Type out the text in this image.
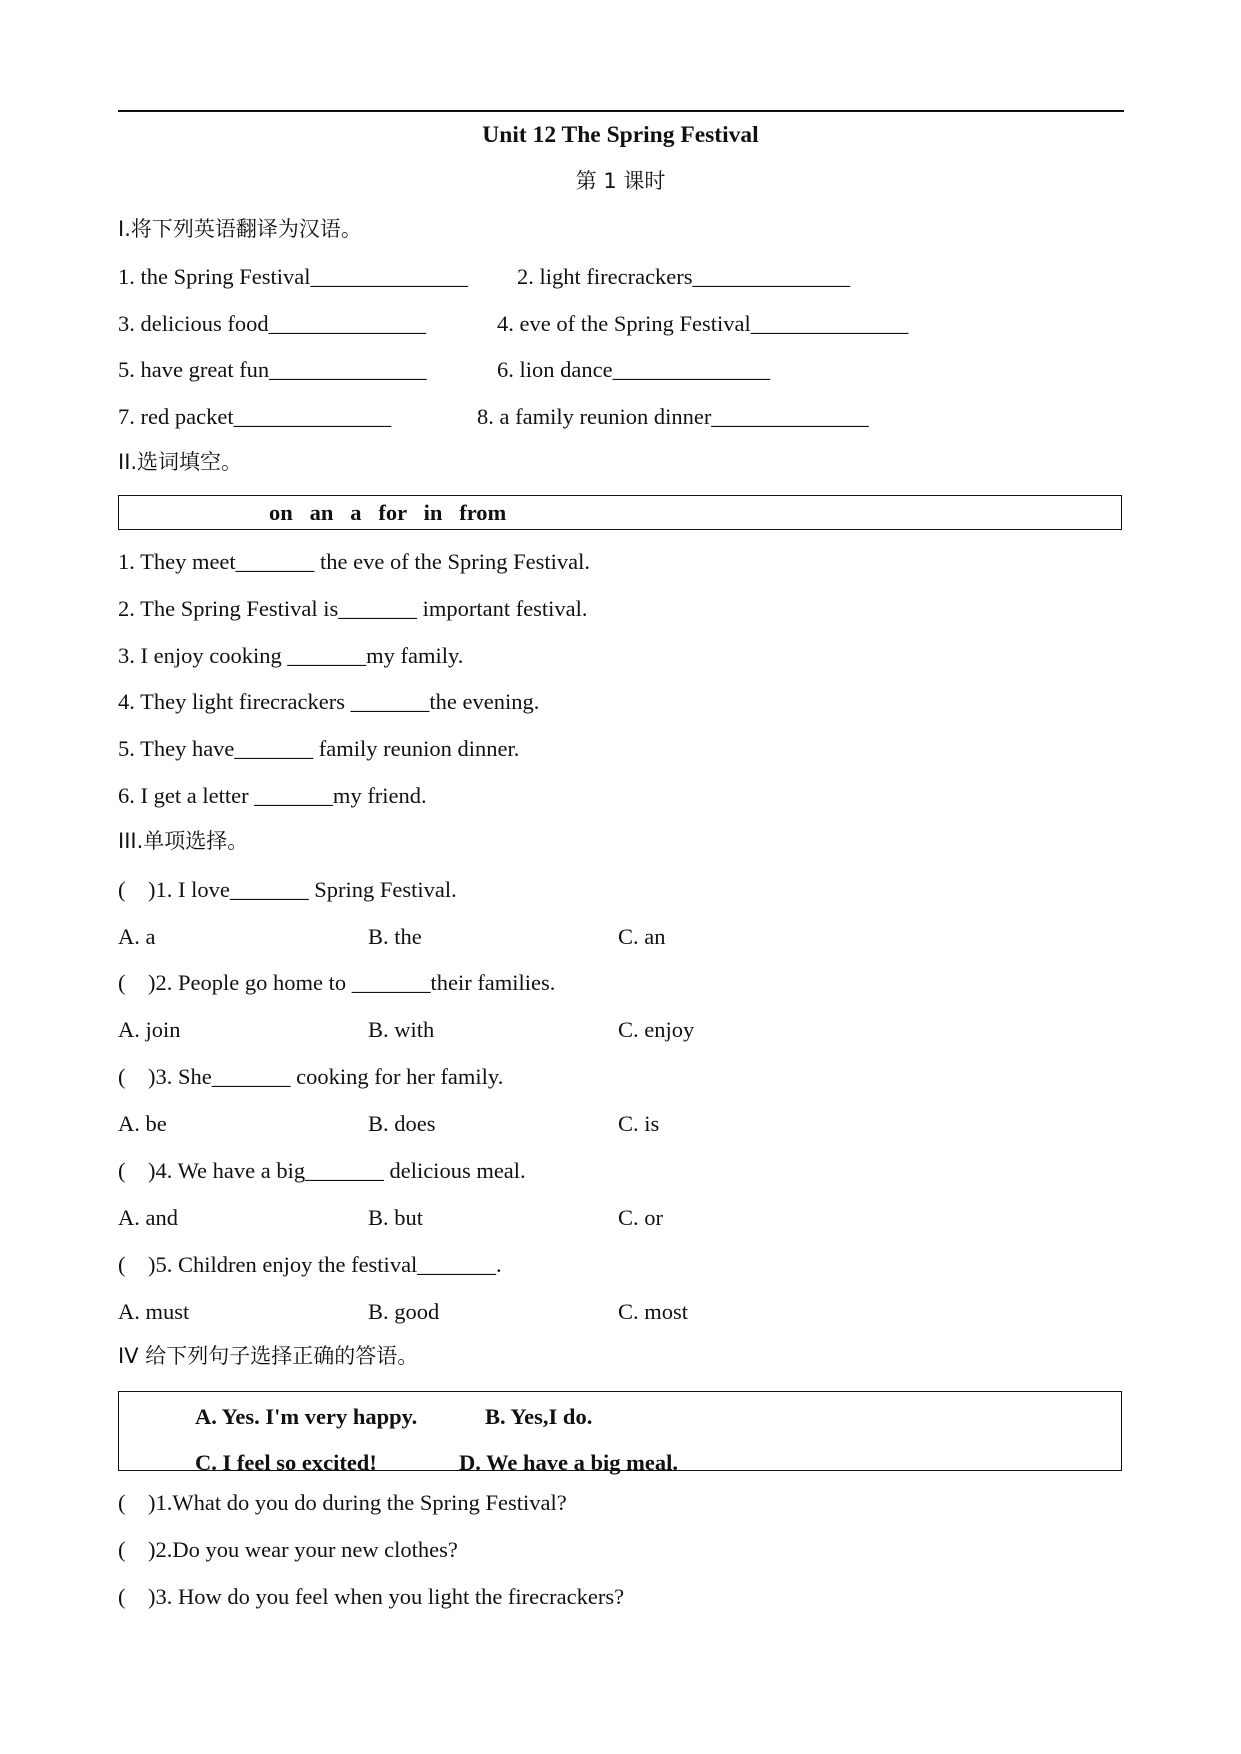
Unit 12 The Spring Festival
第 1 课时
I.将下列英语翻译为汉语。
1. the Spring Festival______________ 2. light firecrackers______________
3. delicious food______________	4. eve of the Spring Festival______________
5. have great fun______________	6. lion dance______________
7. red packet______________	8. a family reunion dinner______________
II.选词填空。
on   an   a   for   in   from
1. They meet_______ the eve of the Spring Festival.
2. The Spring Festival is_______ important festival.
3. I enjoy cooking _______my family.
4. They light firecrackers _______the evening.
5. They have_______ family reunion dinner.
6. I get a letter _______my friend.
III.单项选择。
(    )1. I love_______ Spring Festival.
A. a	B. the	C. an
(    )2. People go home to _______their families.
A. join	B. with	C. enjoy
(    )3. She_______ cooking for her family.
A. be	B. does	C. is
(    )4. We have a big_______ delicious meal.
A. and	B. but	C. or
(    )5. Children enjoy the festival_______.
A. must	B. good	C. most
IV 给下列句子选择正确的答语。
A. Yes. I'm very happy.	B. Yes,I do.
C. I feel so excited!	D. We have a big meal.
(    )1.What do you do during the Spring Festival?
(    )2.Do you wear your new clothes?
(    )3. How do you feel when you light the firecrackers?
